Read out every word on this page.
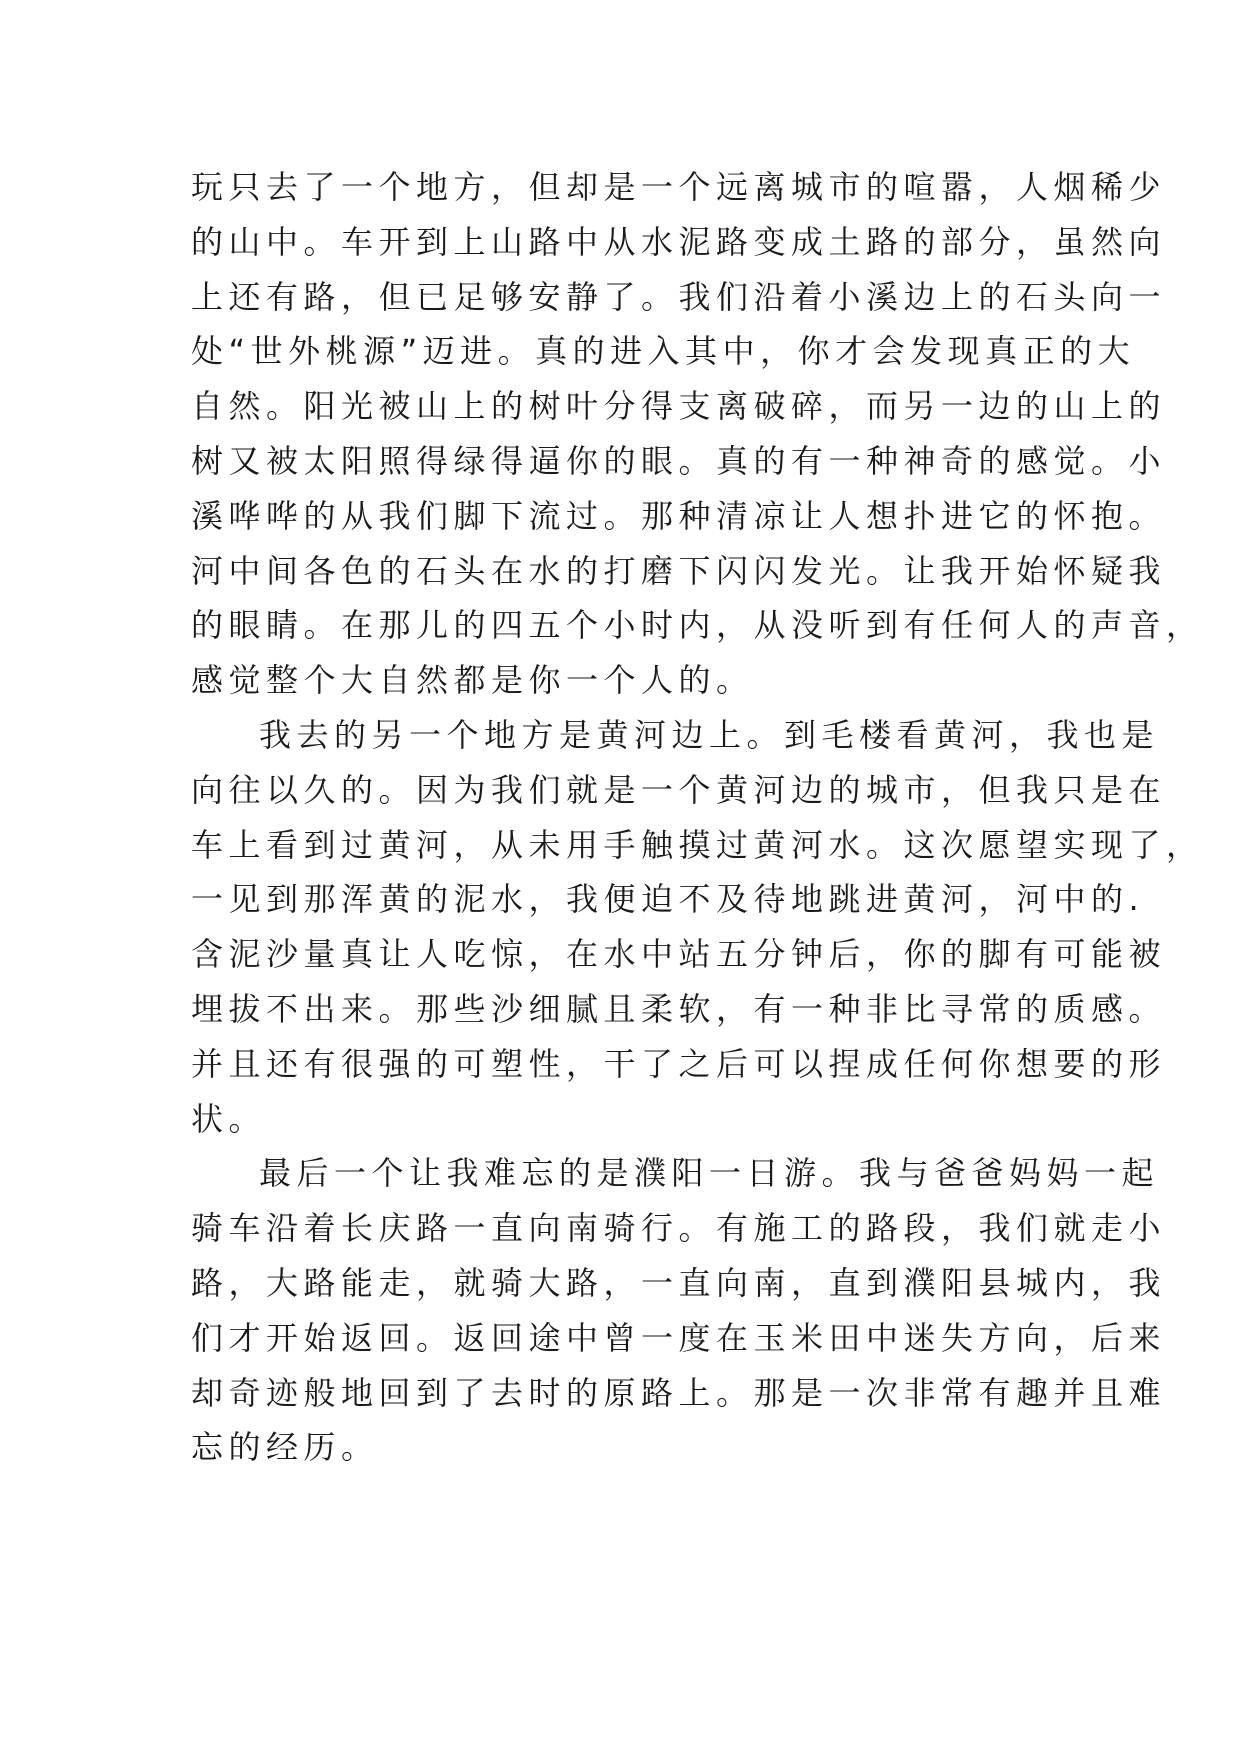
玩只去了一个地方，但却是一个远离城市的喧嚣，人烟稀少
的山中。车开到上山路中从水泥路变成土路的部分，虽然向
上还有路，但已足够安静了。我们沿着小溪边上的石头向一
处“世外桃源”迈进。真的进入其中，你才会发现真正的大
自然。阳光被山上的树叶分得支离破碎，而另一边的山上的
树又被太阳照得绿得逼你的眼。真的有一种神奇的感觉。小
溪哗哗的从我们脚下流过。那种清凉让人想扑进它的怀抱。
河中间各色的石头在水的打磨下闪闪发光。让我开始怀疑我
的眼睛。在那儿的四五个小时内，从没听到有任何人的声音，
感觉整个大自然都是你一个人的。
我去的另一个地方是黄河边上。到毛楼看黄河，我也是
向往以久的。因为我们就是一个黄河边的城市，但我只是在
车上看到过黄河，从未用手触摸过黄河水。这次愿望实现了，
一见到那浑黄的泥水，我便迫不及待地跳进黄河，河中的.
含泥沙量真让人吃惊，在水中站五分钟后，你的脚有可能被
埋拔不出来。那些沙细腻且柔软，有一种非比寻常的质感。
并且还有很强的可塑性，干了之后可以捏成任何你想要的形
状。
最后一个让我难忘的是濮阳一日游。我与爸爸妈妈一起
骑车沿着长庆路一直向南骑行。有施工的路段，我们就走小
路，大路能走，就骑大路，一直向南，直到濮阳县城内，我
们才开始返回。返回途中曾一度在玉米田中迷失方向，后来
却奇迹般地回到了去时的原路上。那是一次非常有趣并且难
忘的经历。
